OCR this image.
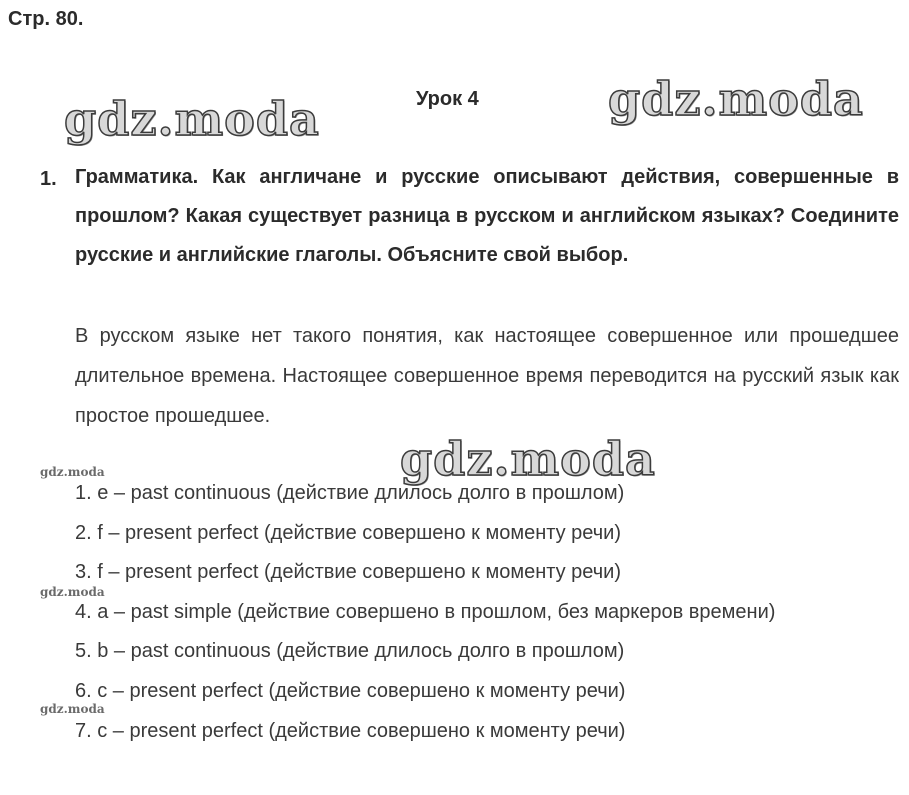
Стр. 80.
gdz.moda	Урок 4	gdz.moda
1. Грамматика. Как англичане и русские описывают действия, совершенные в прошлом? Какая существует разница в русском и английском языках? Соедините русские и английские глаголы. Объясните свой выбор.
В русском языке нет такого понятия, как настоящее совершенное или прошедшее длительное времена. Настоящее совершенное время переводится на русский язык как простое прошедшее.
gdz.moda
gdz.moda
gdz.moda
gdz.moda
1. e – past continuous (действие длилось долго в прошлом)
2. f – present perfect (действие совершено к моменту речи)
3. f – present perfect (действие совершено к моменту речи)
4. a – past simple (действие совершено в прошлом, без маркеров времени)
5. b – past continuous (действие длилось долго в прошлом)
6. c – present perfect (действие совершено к моменту речи)
7. c – present perfect (действие совершено к моменту речи)
